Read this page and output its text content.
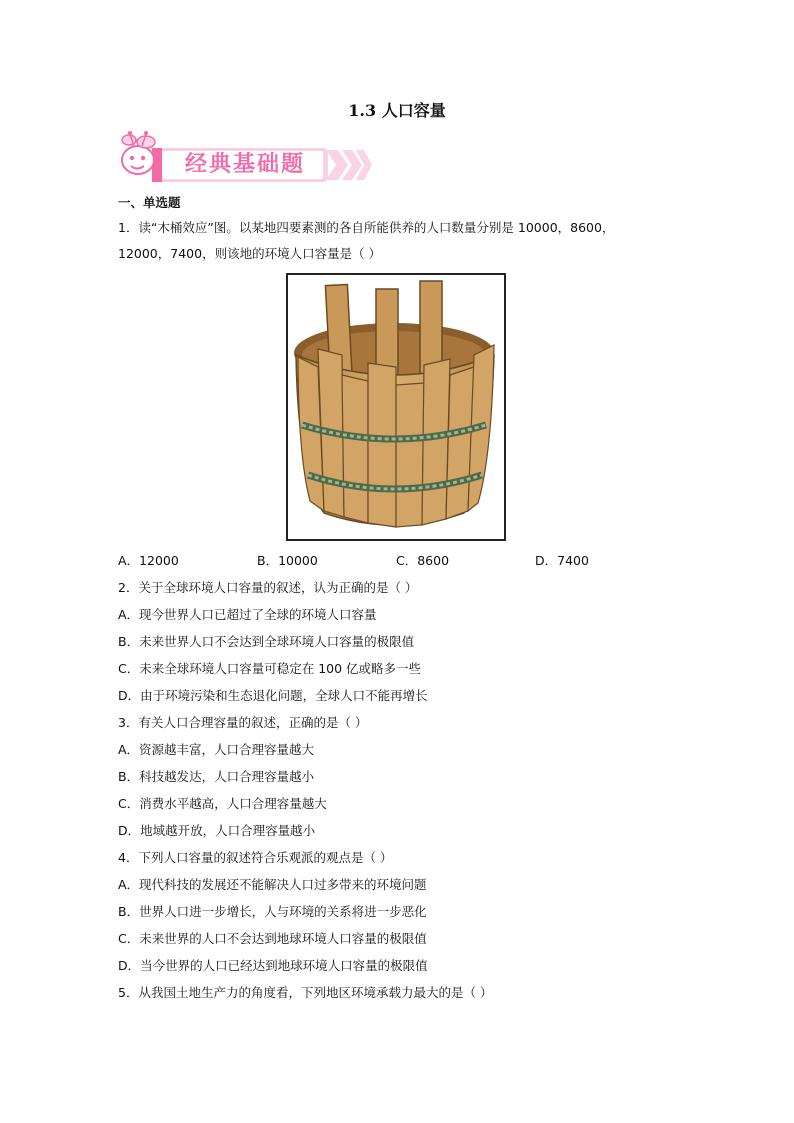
1.3 人口容量
经典基础题
一、单选题
1．读“木桶效应”图。以某地四要素测的各自所能供养的人口数量分别是 10000，8600，
12000，7400，则该地的环境人口容量是（ ）
A．12000	B．10000	C．8600	D．7400
2．关于全球环境人口容量的叙述，认为正确的是（ ）
A．现今世界人口已超过了全球的环境人口容量
B．未来世界人口不会达到全球环境人口容量的极限值
C．未来全球环境人口容量可稳定在 100 亿或略多一些
D．由于环境污染和生态退化问题，全球人口不能再增长
3．有关人口合理容量的叙述，正确的是（ ）
A．资源越丰富，人口合理容量越大
B．科技越发达，人口合理容量越小
C．消费水平越高，人口合理容量越大
D．地域越开放，人口合理容量越小
4．下列人口容量的叙述符合乐观派的观点是（ ）
A．现代科技的发展还不能解决人口过多带来的环境问题
B．世界人口进一步增长，人与环境的关系将进一步恶化
C．未来世界的人口不会达到地球环境人口容量的极限值
D．当今世界的人口已经达到地球环境人口容量的极限值
5．从我国土地生产力的角度看，下列地区环境承载力最大的是（ ）
